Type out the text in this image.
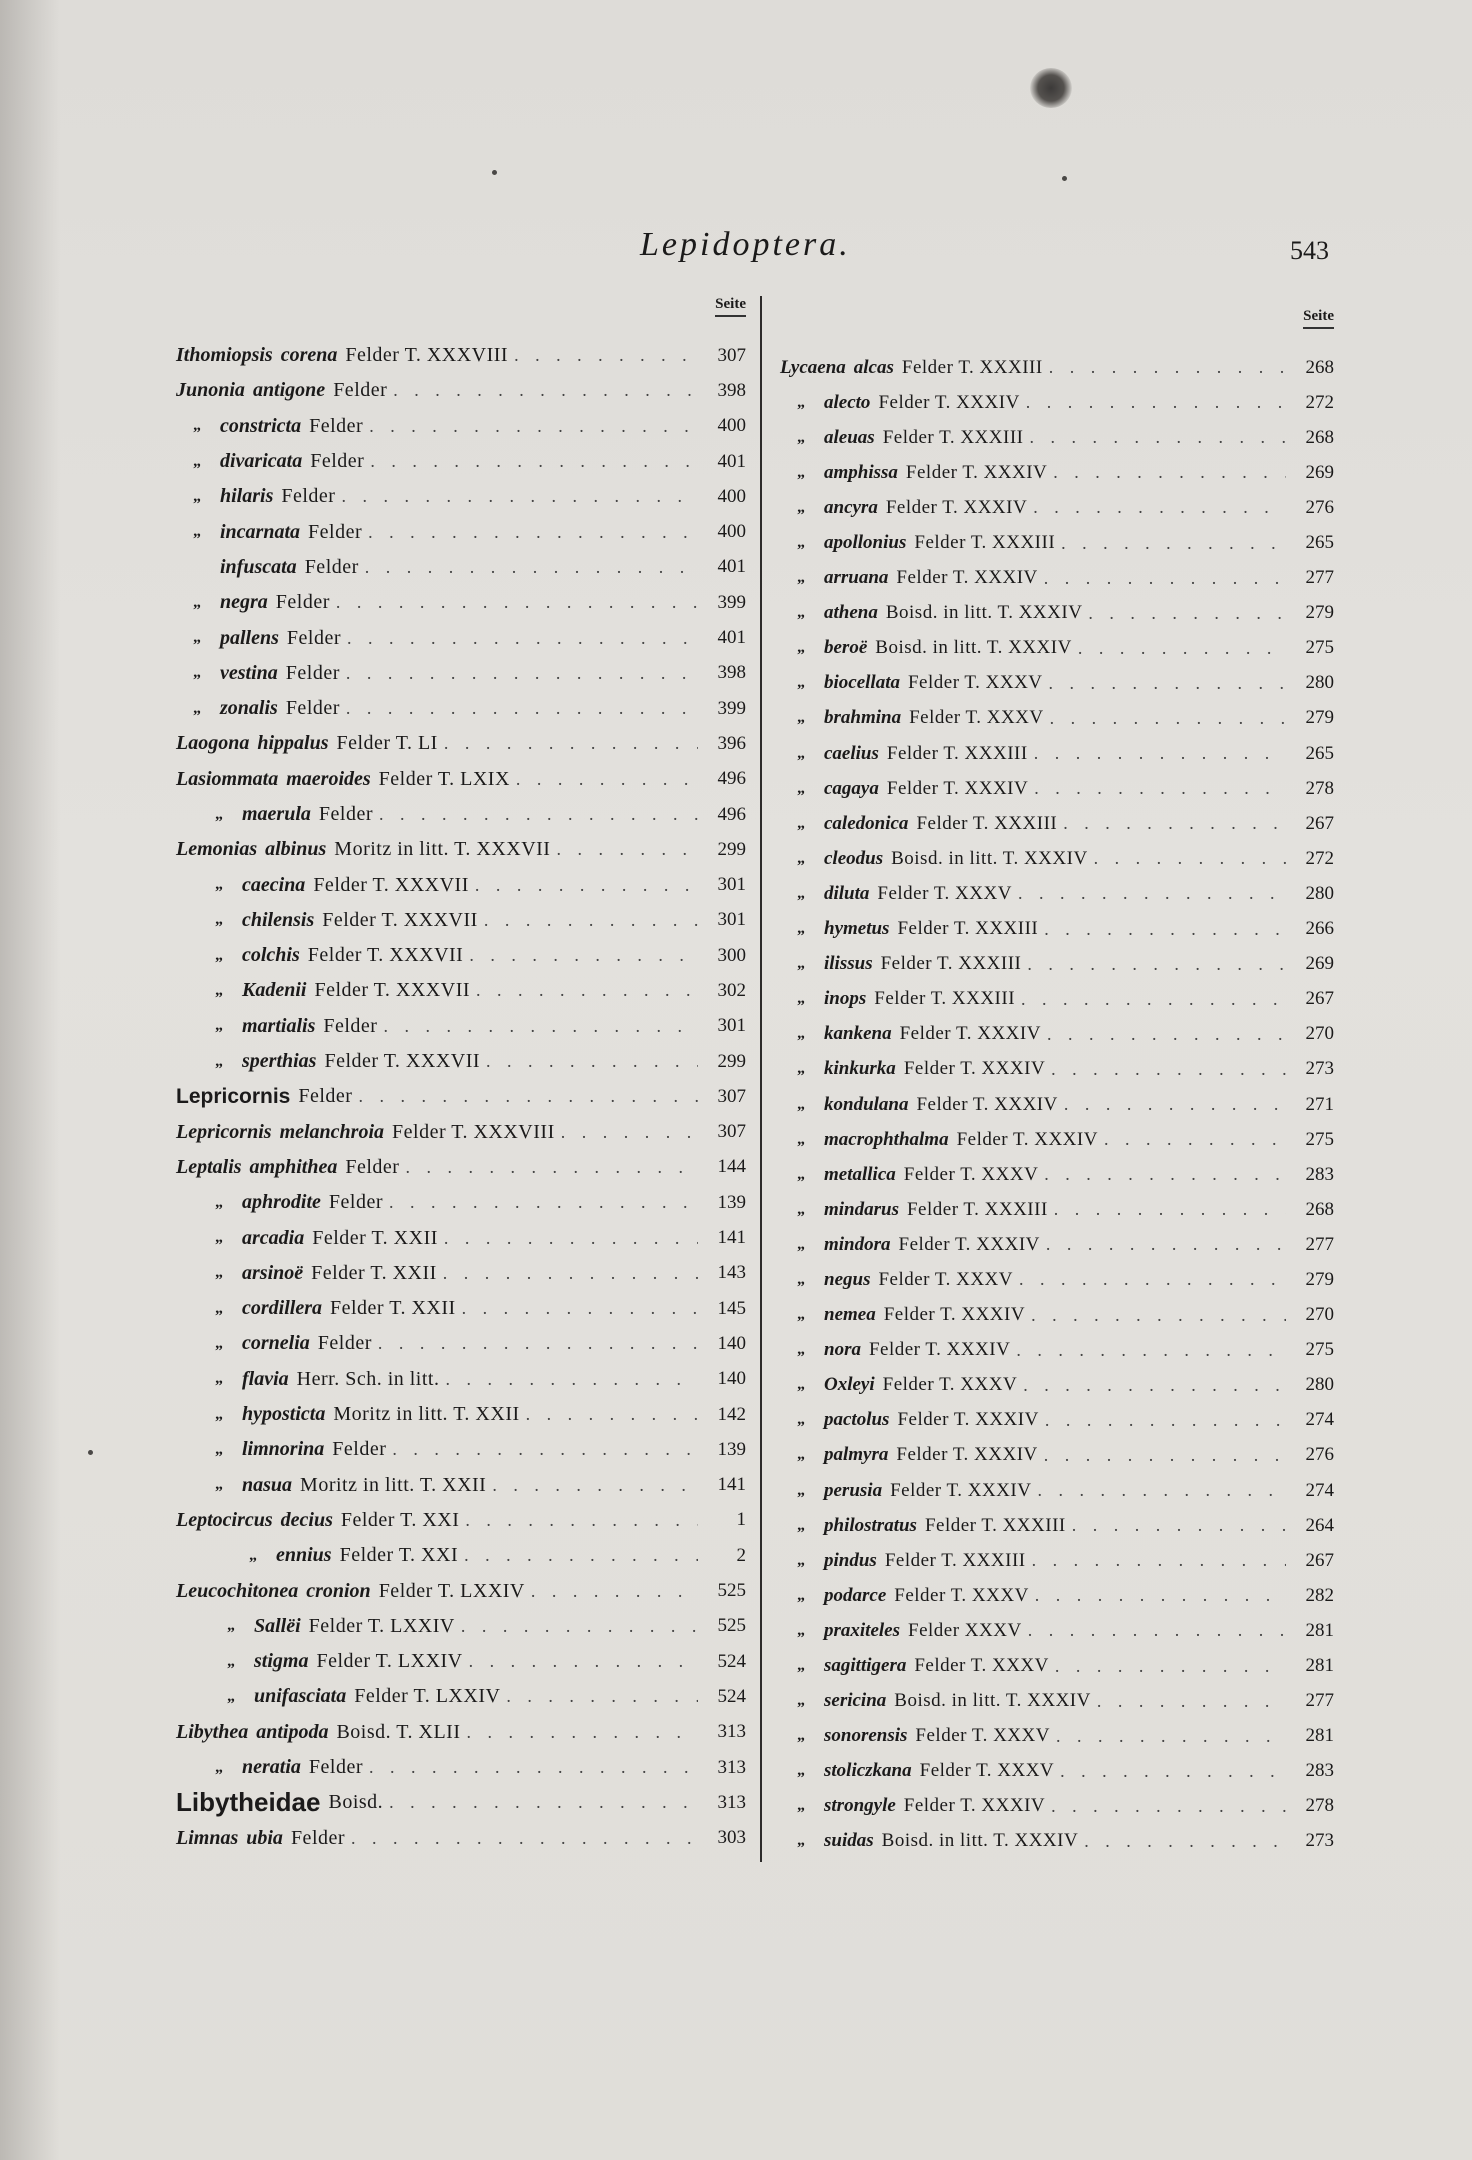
Lepidoptera.	543
Seite
Ithomiopsis corena Felder T. XXXVIII . . .	307
Junonia antigone Felder . . .	398
„ constricta Felder . . .	400
„ divaricata Felder . . .	401
„ hilaris Felder . . .	400
„ incarnata Felder . . .	400
infuscata Felder . . .	401
„ negra Felder . . .	399
„ pallens Felder . . .	401
„ vestina Felder . . .	398
„ zonalis Felder . . .	399
Laogona hippalus Felder T. LI . . .	396
Lasiommata maeroides Felder T. LXIX . . .	496
„ maerula Felder . . .	496
Lemonias albinus Moritz in litt. T. XXXVII . . .	299
„ caecina Felder T. XXXVII . . .	301
„ chilensis Felder T. XXXVII . . .	301
„ colchis Felder T. XXXVII . . .	300
„ Kadenii Felder T. XXXVII . . .	302
„ martialis Felder . . .	301
„ sperthias Felder T. XXXVII . . .	299
Lepricornis Felder . . .	307
Lepricornis melanchroia Felder T. XXXVIII . . .	307
Leptalis amphithea Felder . . .	144
„ aphrodite Felder . . .	139
„ arcadia Felder T. XXII . . .	141
„ arsinoë Felder T. XXII . . .	143
„ cordillera Felder T. XXII . . .	145
„ cornelia Felder . . .	140
„ flavia Herr. Sch. in litt. . . .	140
„ hyposticta Moritz in litt. T. XXII . . .	142
„ limnorina Felder . . .	139
„ nasua Moritz in litt. T. XXII . . .	141
Leptocircus decius Felder T. XXI . . .	1
„ ennius Felder T. XXI . . .	2
Leucochitonea cronion Felder T. LXXIV . . .	525
„ Sallëi Felder T. LXXIV . . .	525
„ stigma Felder T. LXXIV . . .	524
„ unifasciata Felder T. LXXIV . . .	524
Libythea antipoda Boisd. T. XLII . . .	313
„ neratia Felder . . .	313
Libytheidae Boisd. . . .	313
Limnas ubia Felder . . .	303
Seite
Lycaena alcas Felder T. XXXIII . . .	268
„ alecto Felder T. XXXIV . . .	272
„ aleuas Felder T. XXXIII . . .	268
„ amphissa Felder T. XXXIV . . .	269
„ ancyra Felder T. XXXIV . . .	276
„ apollonius Felder T. XXXIII . . .	265
„ arruana Felder T. XXXIV . . .	277
„ athena Boisd. in litt. T. XXXIV . . .	279
„ beroë Boisd. in litt. T. XXXIV . . .	275
„ biocellata Felder T. XXXV . . .	280
„ brahmina Felder T. XXXV . . .	279
„ caelius Felder T. XXXIII . . .	265
„ cagaya Felder T. XXXIV . . .	278
„ caledonica Felder T. XXXIII . . .	267
„ cleodus Boisd. in litt. T. XXXIV . . .	272
„ diluta Felder T. XXXV . . .	280
„ hymetus Felder T. XXXIII . . .	266
„ ilissus Felder T. XXXIII . . .	269
„ inops Felder T. XXXIII . . .	267
„ kankena Felder T. XXXIV . . .	270
„ kinkurka Felder T. XXXIV . . .	273
„ kondulana Felder T. XXXIV . . .	271
„ macrophthalma Felder T. XXXIV . . .	275
„ metallica Felder T. XXXV . . .	283
„ mindarus Felder T. XXXIII . . .	268
„ mindora Felder T. XXXIV . . .	277
„ negus Felder T. XXXV . . .	279
„ nemea Felder T. XXXIV . . .	270
„ nora Felder T. XXXIV . . .	275
„ Oxleyi Felder T. XXXV . . .	280
„ pactolus Felder T. XXXIV . . .	274
„ palmyra Felder T. XXXIV . . .	276
„ perusia Felder T. XXXIV . . .	274
„ philostratus Felder T. XXXIII . . .	264
„ pindus Felder T. XXXIII . . .	267
„ podarce Felder T. XXXV . . .	282
„ praxiteles Felder XXXV . . .	281
„ sagittigera Felder T. XXXV . . .	281
„ sericina Boisd. in litt. T. XXXIV . . .	277
„ sonorensis Felder T. XXXV . . .	281
„ stoliczkana Felder T. XXXV . . .	283
„ strongyle Felder T. XXXIV . . .	278
„ suidas Boisd. in litt. T. XXXIV . . .	273
